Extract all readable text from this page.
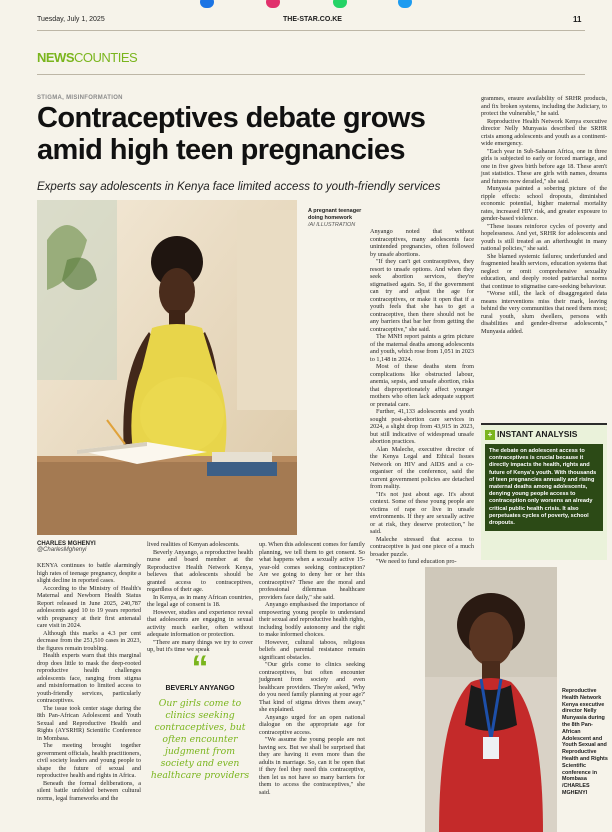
Tuesday, July 1, 2025	THE-STAR.CO.KE	11
NEWSCOUNTIES
STIGMA, MISINFORMATION
Contraceptives debate grows amid high teen pregnancies
Experts say adolescents in Kenya face limited access to youth-friendly services
A pregnant teenager doing homework
/AI ILLUSTRATION
CHARLES MGHENYI
@CharlesMghenyi

KENYA continues to battle alarmingly high rates of teenage pregnancy, despite a slight decline in reported cases.

According to the Ministry of Health's Maternal and Newborn Health Status Report released in June 2025, 240,787 adolescents aged 10 to 19 years reported with pregnancy at their first antenatal care visit in 2024.

Although this marks a 4.3 per cent decrease from the 251,510 cases in 2023, the figures remain troubling.

Health experts warn that this marginal drop does little to mask the deep-rooted reproductive health challenges adolescents face, ranging from stigma and misinformation to limited access to youth-friendly services, particularly contraceptives.

The issue took center stage during the 8th Pan-African Adolescent and Youth Sexual and Reproductive Health and Rights (AYSRHR) Scientific Conference in Mombasa.

The meeting brought together government officials, health practitioners, civil society leaders and young people to shape the future of sexual and reproductive health and rights in Africa.

Beneath the formal deliberations, a silent battle unfolded between cultural norms, legal frameworks and the

lived realities of Kenyan adolescents.

Beverly Anyango, a reproductive health nurse and board member at the Reproductive Health Network Kenya, believes that adolescents should be granted access to contraceptives, regardless of their age.

In Kenya, as in many African countries, the legal age of consent is 18.

However, studies and experience reveal that adolescents are engaging in sexual activity much earlier, often without adequate information or protection.

"There are many things we try to cover up, but it's time we speak

up. When this adolescent comes for family planning, we tell them to get consent. So what happens when a sexually active 15-year-old comes seeking contraception? Are we going to deny her or her this contraceptive? These are the moral and professional dilemmas healthcare providers face daily," she said.

Anyango emphasised the importance of empowering young people to understand their sexual and reproductive health rights, including bodily autonomy and the right to make informed choices.

However, cultural taboos, religious beliefs and parental resistance remain significant obstacles.

"Our girls come to clinics seeking contraceptives, but often encounter judgment from society and even healthcare providers. They're asked, 'Why do you need family planning at your age?' That kind of stigma drives them away," she explained.

Anyango urged for an open national dialogue on the appropriate age for contraceptive access.

"We assume the young people are not having sex. But we shall be surprised that they are having it even more than the adults in marriage. So, can it be open that if they feel they need this contraceptive, then let us not have so many barriers for them to access the contraceptives," she said.

Anyango noted that without contraceptives, many adolescents face unintended pregnancies, often followed by unsafe abortions.

"If they can't get contraceptives, they resort to unsafe options. And when they seek abortion services, they're stigmatised again. So, if the government can try and adjust the age for contraceptives, or make it open that if a youth feels that she has to get a contraceptive, then there should not be any barriers that bar her from getting the contraceptive," she said.

The MNH report paints a grim picture of the maternal deaths among adolescents and youth, which rose from 1,051 in 2023 to 1,148 in 2024.

Most of these deaths stem from complications like obstructed labour, anemia, sepsis, and unsafe abortion, risks that disproportionately affect younger mothers who often lack adequate support or prenatal care.

Further, 41,133 adolescents and youth sought post-abortion care services in 2024, a slight drop from 43,915 in 2023, but still indicative of widespread unsafe abortion practices.

Alan Maleche, executive director of the Kenya Legal and Ethical Issues Network on HIV and AIDS and a co-organiser of the conference, said the current government policies are detached from reality.

"It's not just about age. It's about context. Some of these young people are victims of rape or live in unsafe environments. If they are sexually active or at risk, they deserve protection," he said.

Maleche stressed that access to contraceptive is just one piece of a much broader puzzle.

"We need to fund education pro-

grammes, ensure availability of SRHR products, and fix broken systems, including the Judiciary, to protect the vulnerable," he said.

Reproductive Health Network Kenya executive director Nelly Munyasia described the SRHR crisis among adolescents and youth as a continent-wide emergency.

"Each year in Sub-Saharan Africa, one in three girls is subjected to early or forced marriage, and one in five gives birth before age 18. These aren't just statistics. These are girls with names, dreams and futures now derailed," she said.

Munyasia painted a sobering picture of the ripple effects: school dropouts, diminished economic potential, higher maternal mortality rates, increased HIV risk, and greater exposure to gender-based violence.

"These issues reinforce cycles of poverty and hopelessness. And yet, SRHR for adolescents and youth is still treated as an afterthought in many national policies," she said.

She blamed systemic failures; underfunded and fragmented health services, education systems that neglect or omit comprehensive sexuality education, and deeply rooted patriarchal norms that continue to stigmatise care-seeking behaviour.

"Worse still, the lack of disaggregated data means interventions miss their mark, leaving behind the very communities that need them most; rural youth, slum dwellers, persons with disabilities and gender-diverse adolescents," Munyasia added.

“
BEVERLY ANYANGO
Our girls come to clinics seeking contraceptives, but often encounter judgment from society and even healthcare providers
+ INSTANT ANALYSIS
The debate on adolescent access to contraceptives is crucial because it directly impacts the health, rights and future of Kenya's youth. With thousands of teen pregnancies annually and rising maternal deaths among adolescents, denying young people access to contraception only worsens an already critical public health crisis. It also perpetuates cycles of poverty, school dropouts.
Reproductive Health Network Kenya executive director Nelly Munyasia during the 8th Pan-African Adolescent and Youth Sexual and Reproductive Health and Rights Scientific conference in Mombasa /CHARLES MGHENYI
